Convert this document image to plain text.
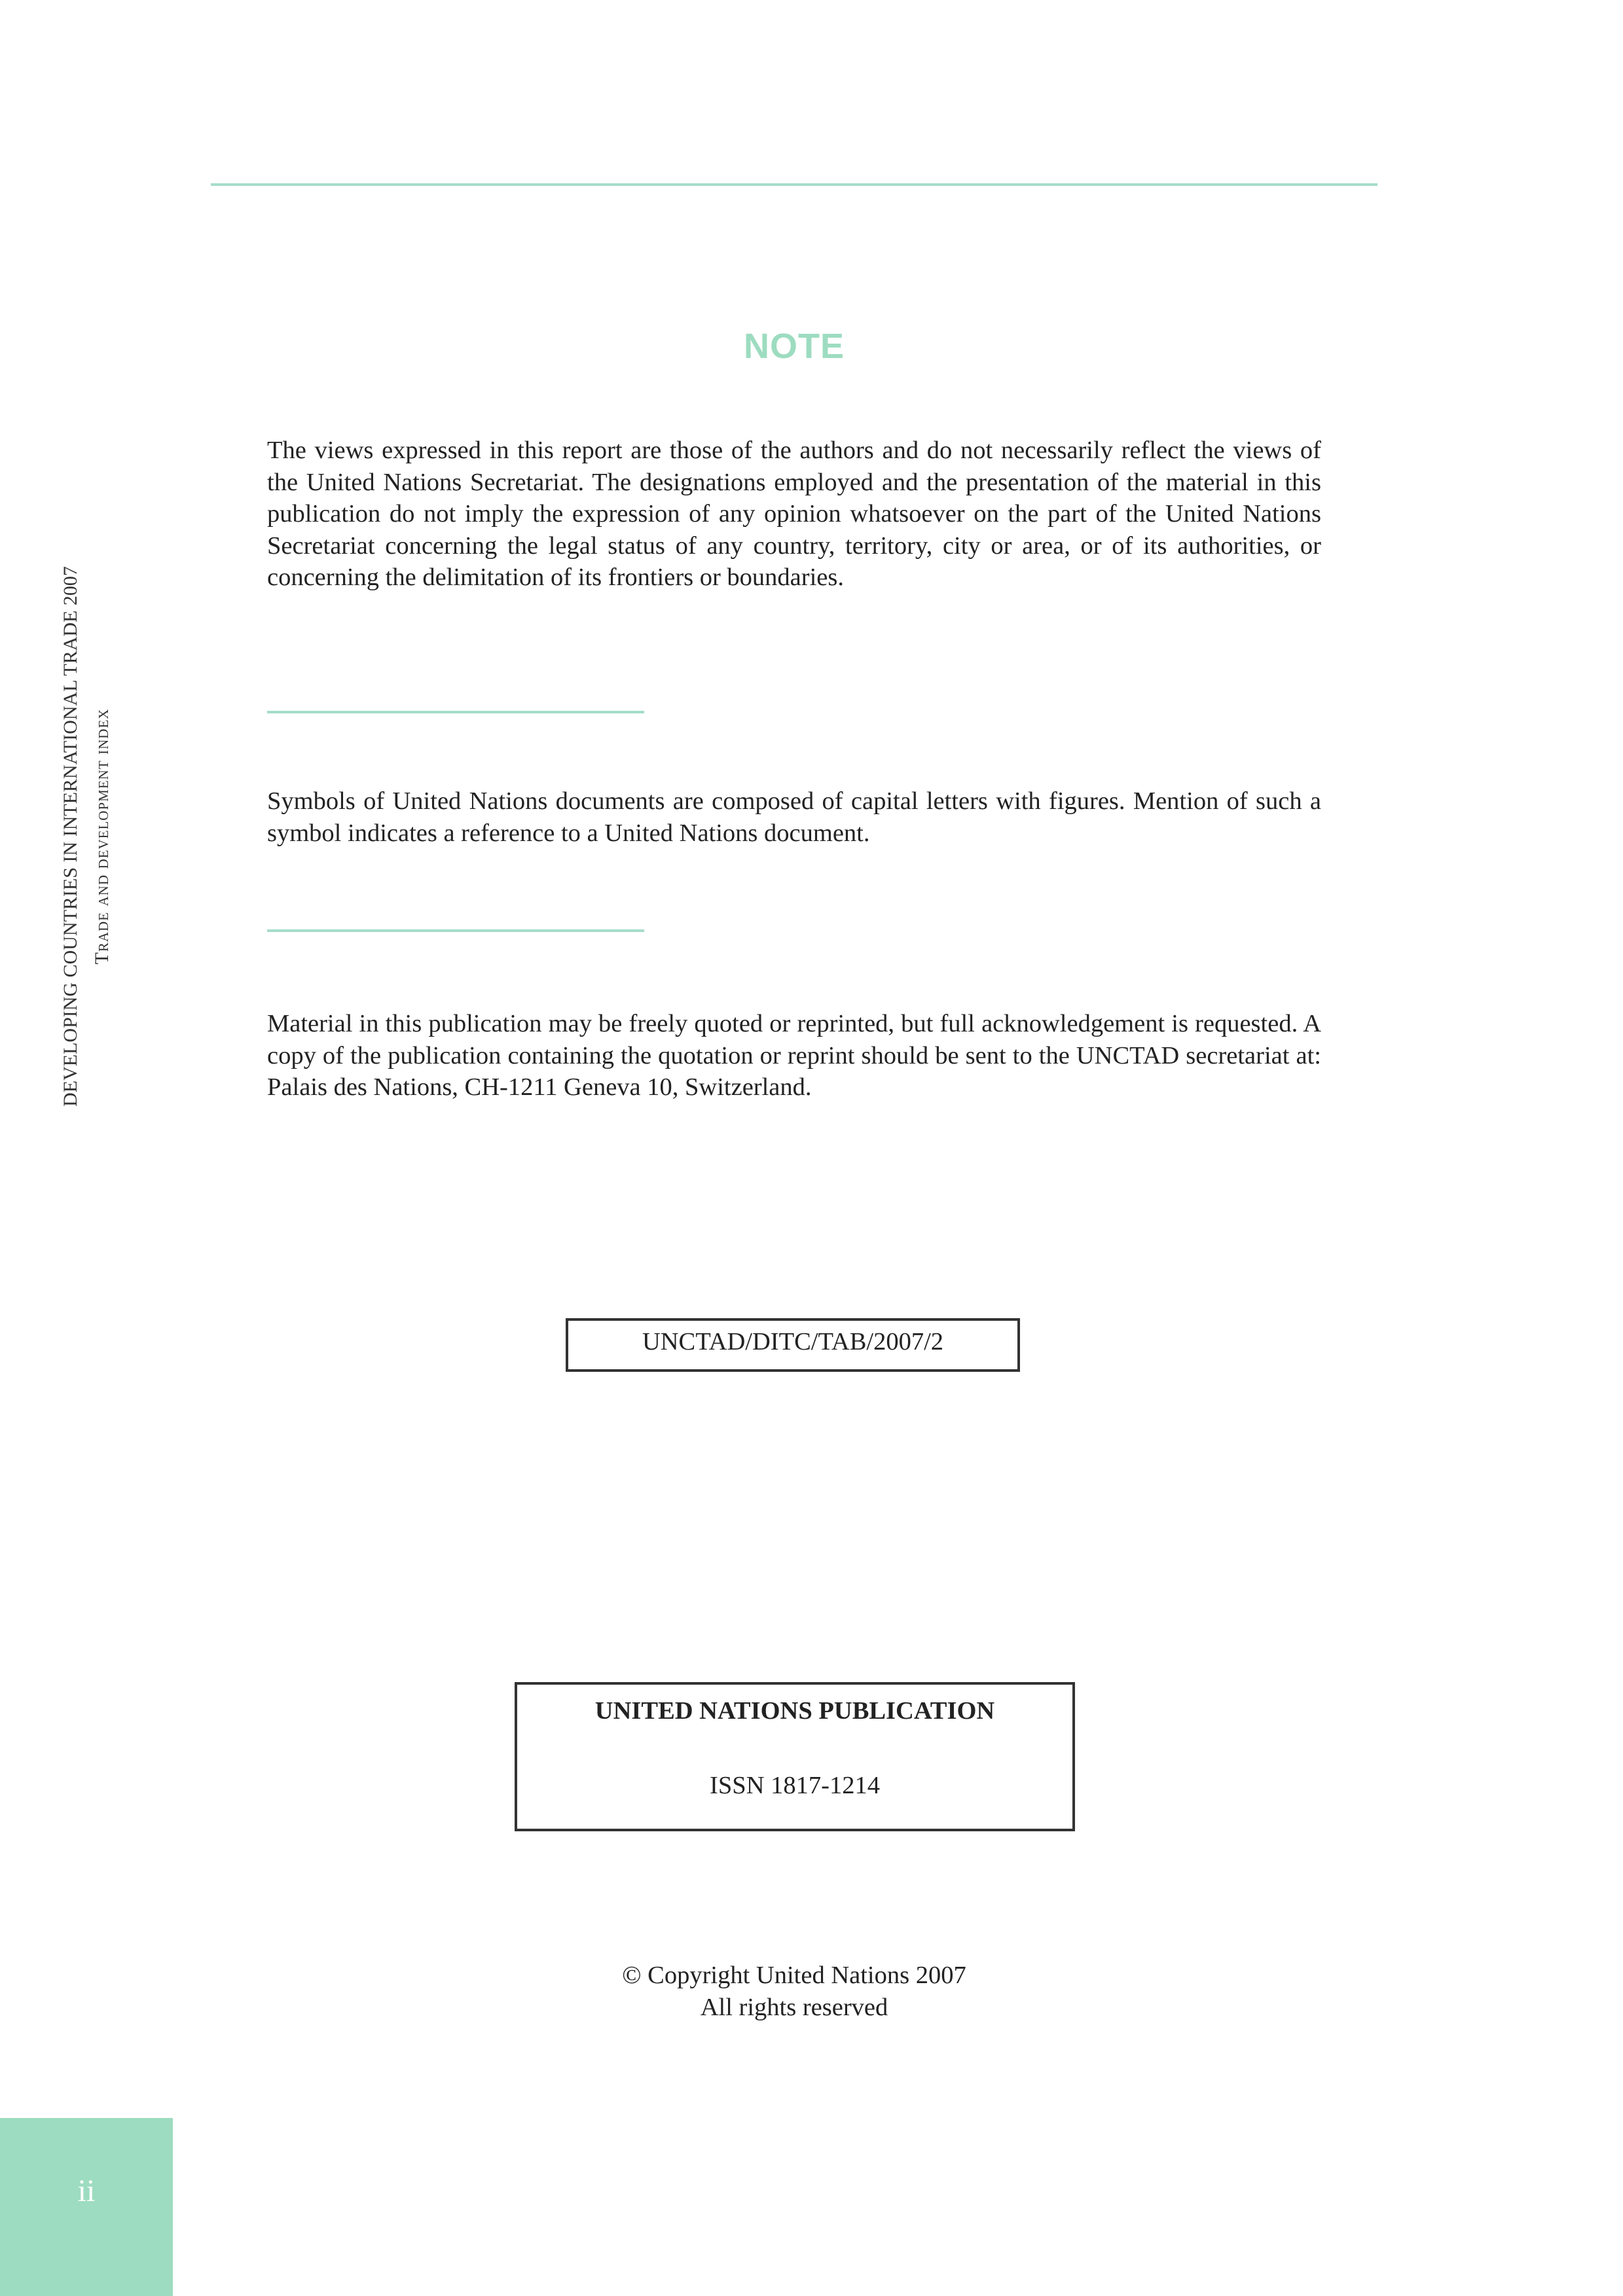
DEVELOPING COUNTRIES IN INTERNATIONAL TRADE 2007 Trade and development index
NOTE

The views expressed in this report are those of the authors and do not necessarily reflect the views of the United Nations Secretariat. The designations employed and the presentation of the material in this publication do not imply the expression of any opinion whatsoever on the part of the United Nations Secretariat concerning the legal status of any country, territory, city or area, or of its authorities, or concerning the delimitation of its frontiers or boundaries.

Symbols of United Nations documents are composed of capital letters with figures. Mention of such a symbol indicates a reference to a United Nations document.

Material in this publication may be freely quoted or reprinted, but full acknowledgement is requested. A copy of the publication containing the quotation or reprint should be sent to the UNCTAD secretariat at: Palais des Nations, CH-1211 Geneva 10, Switzerland.

UNCTAD/DITC/TAB/2007/2
UNITED NATIONS PUBLICATION
ISSN 1817-1214
© Copyright United Nations 2007
All rights reserved
ii
